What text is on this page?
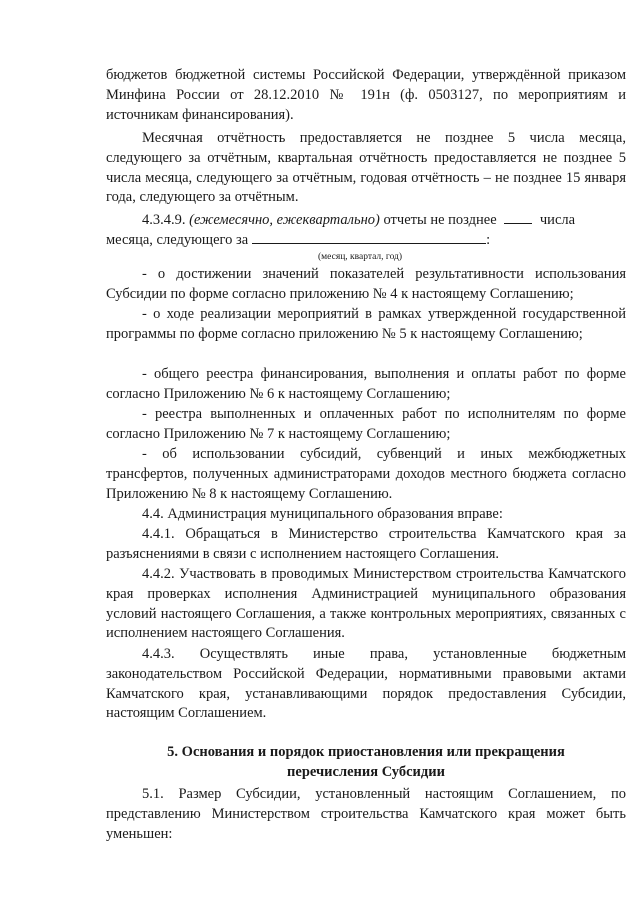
бюджетов бюджетной системы Российской Федерации, утверждённой приказом Минфина России от 28.12.2010 № 191н (ф. 0503127, по мероприятиям и источникам финансирования).

Месячная отчётность предоставляется не позднее 5 числа месяца, следующего за отчётным, квартальная отчётность предоставляется не позднее 5 числа месяца, следующего за отчётным, годовая отчётность – не позднее 15 января года, следующего за отчётным.

4.3.4.9. (ежемесячно, ежеквартально) отчеты не позднее	числа
месяца, следующего за	:
(месяц, квартал, год)

- о достижении значений показателей результативности использования Субсидии по форме согласно приложению № 4 к настоящему Соглашению;

- о ходе реализации мероприятий в рамках утвержденной государственной программы по форме согласно приложению № 5 к настоящему Соглашению;

- общего реестра финансирования, выполнения и оплаты работ по форме согласно Приложению № 6 к настоящему Соглашению;

- реестра выполненных и оплаченных работ по исполнителям по форме согласно Приложению № 7 к настоящему Соглашению;

- об использовании субсидий, субвенций и иных межбюджетных трансфертов, полученных администраторами доходов местного бюджета согласно Приложению № 8 к настоящему Соглашению.

4.4. Администрация муниципального образования вправе:

4.4.1. Обращаться в Министерство строительства Камчатского края за разъяснениями в связи с исполнением настоящего Соглашения.

4.4.2. Участвовать в проводимых Министерством строительства Камчатского края проверках исполнения Администрацией муниципального образования условий настоящего Соглашения, а также контрольных мероприятиях, связанных с исполнением настоящего Соглашения.

4.4.3. Осуществлять иные права, установленные бюджетным законодательством Российской Федерации, нормативными правовыми актами Камчатского края, устанавливающими порядок предоставления Субсидии, настоящим Соглашением.

5. Основания и порядок приостановления или прекращения

перечисления Субсидии

5.1. Размер Субсидии, установленный настоящим Соглашением, по представлению Министерством строительства Камчатского края может быть уменьшен:
